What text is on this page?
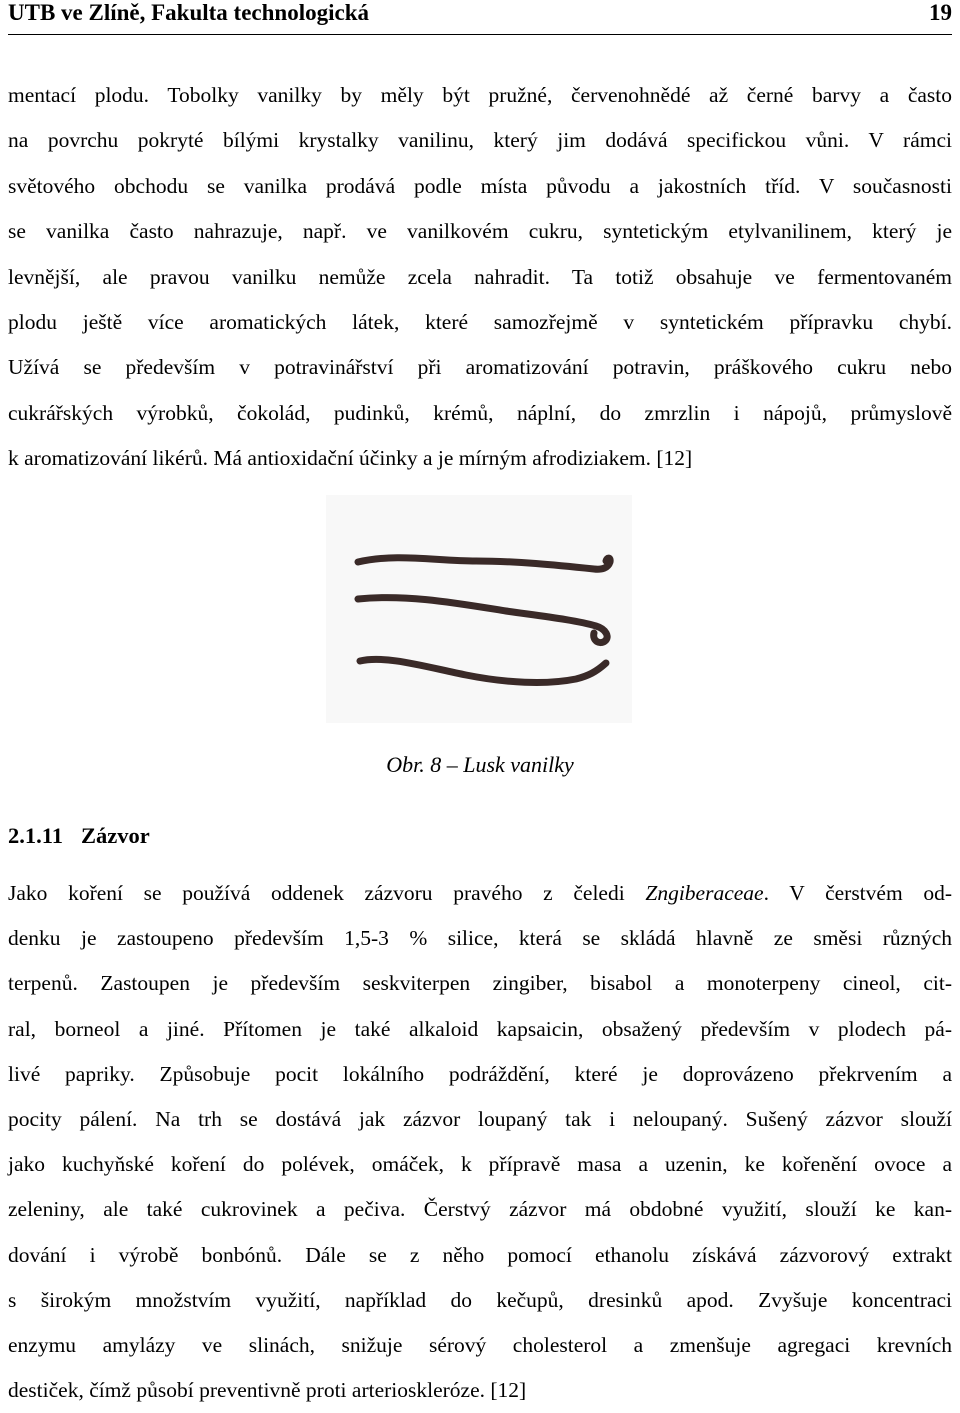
UTB ve Zlíně, Fakulta technologická	19

mentací plodu. Tobolky vanilky by měly být pružné, červenohnědé až černé barvy a často
na povrchu pokryté bílými krystalky vanilinu, který jim dodává specifickou vůni. V rámci
světového obchodu se vanilka prodává podle místa původu a jakostních tříd. V současnosti
se vanilka často nahrazuje, např. ve vanilkovém cukru, syntetickým etylvanilinem, který je
levnější, ale pravou vanilku nemůže zcela nahradit. Ta totiž obsahuje ve fermentovaném
plodu ještě více aromatických látek, které samozřejmě v syntetickém přípravku chybí.
Užívá se především v potravinářství při aromatizování potravin, práškového cukru nebo
cukrářských výrobků, čokolád, pudinků, krémů, náplní, do zmrzlin i nápojů, průmyslově
k aromatizování likérů. Má antioxidační účinky a je mírným afrodiziakem. [12]

Obr. 8 – Lusk vanilky
2.1.11 Zázvor

Jako koření se používá oddenek zázvoru pravého z čeledi Zngiberaceae. V čerstvém od-
denku je zastoupeno především 1,5-3 % silice, která se skládá hlavně ze směsi různých
terpenů. Zastoupen je především seskviterpen zingiber, bisabol a monoterpeny cineol, cit-
ral, borneol a jiné. Přítomen je také alkaloid kapsaicin, obsažený především v plodech pá-
livé papriky. Způsobuje pocit lokálního podráždění, které je doprovázeno překrvením a
pocity pálení. Na trh se dostává jak zázvor loupaný tak i neloupaný. Sušený zázvor slouží
jako kuchyňské koření do polévek, omáček, k přípravě masa a uzenin, ke kořenění ovoce a
zeleniny, ale také cukrovinek a pečiva. Čerstvý zázvor má obdobné využití, slouží ke kan-
dování i výrobě bonbónů. Dále se z něho pomocí ethanolu získává zázvorový extrakt
s širokým množstvím využití, například do kečupů, dresinků apod. Zvyšuje koncentraci
enzymu amylázy ve slinách, snižuje sérový cholesterol a zmenšuje agregaci krevních
destiček, čímž působí preventivně proti arterioskleróze. [12]
